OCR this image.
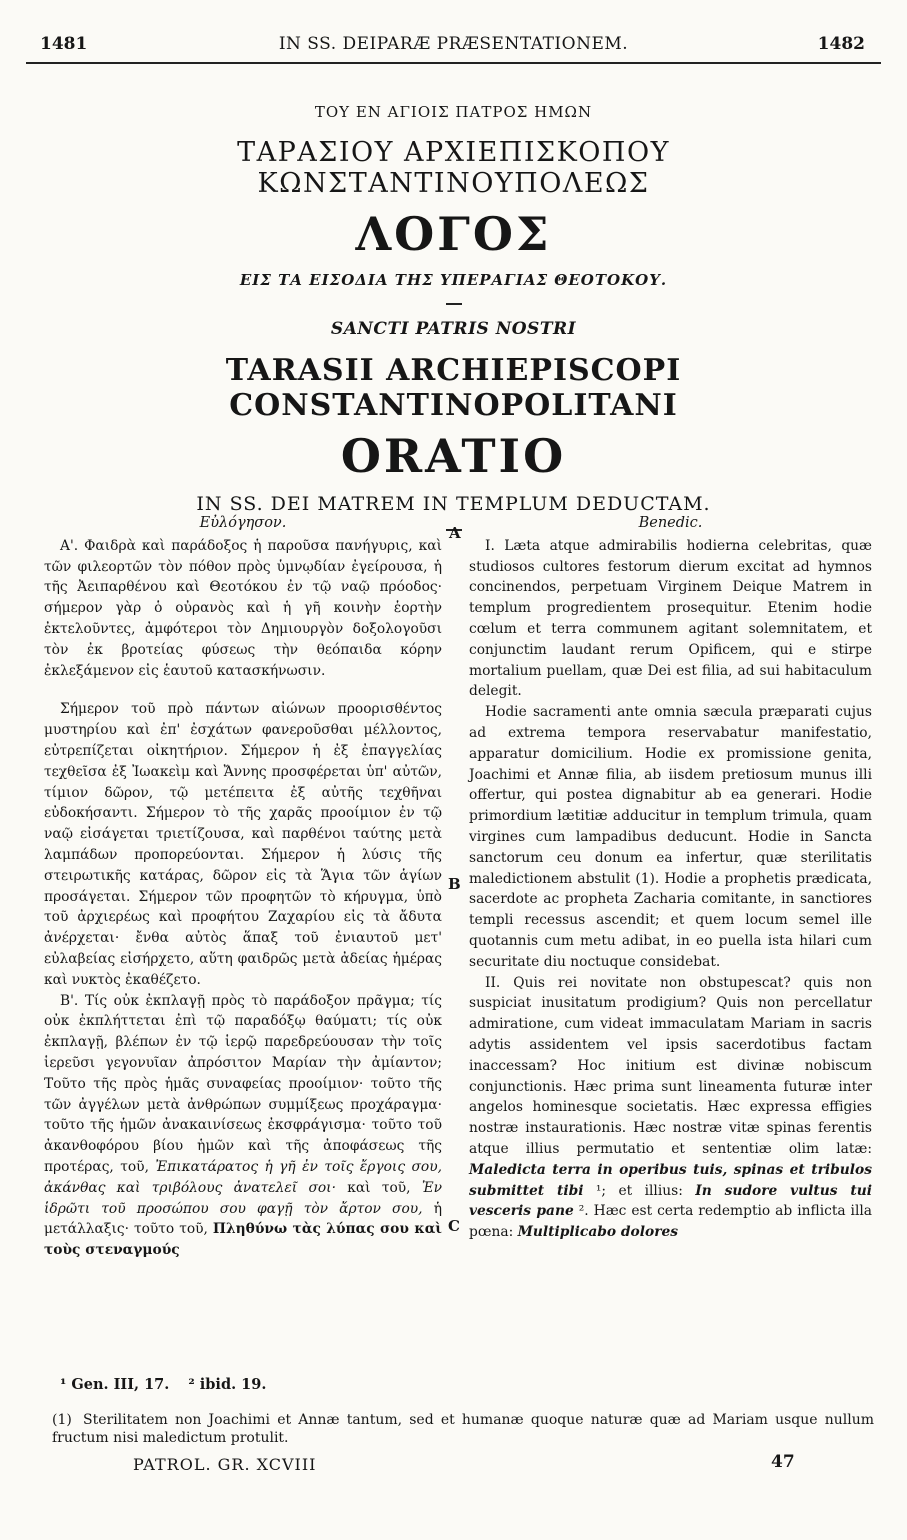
1481	IN SS. DEIPARÆ PRÆSENTATIONEM.	1482
ΤΟΥ ΕΝ ΑΓΙΟΙΣ ΠΑΤΡΟΣ ΗΜΩΝ
ΤΑΡΑΣΙΟΥ ΑΡΧΙΕΠΙΣΚΟΠΟΥ ΚΩΝΣΤΑΝΤΙΝΟΥΠΟΛΕΩΣ
ΛΟΓΟΣ
ΕΙΣ ΤΑ ΕΙΣΟΔΙΑ ΤΗΣ ΥΠΕΡΑΓΙΑΣ ΘΕΟΤΟΚΟΥ.
SANCTI PATRIS NOSTRI
TARASII ARCHIEPISCOPI CONSTANTINOPOLITANI
ORATIO
IN SS. DEI MATREM IN TEMPLUM DEDUCTAM.
A
B
C

Εὐλόγησον.

Α'. Φαιδρὰ καὶ παράδοξος ἡ παροῦσα πανήγυρις, καὶ τῶν φιλεορτῶν τὸν πόθον πρὸς ὑμνῳδίαν ἐγείρουσα, ἡ τῆς Ἀειπαρθένου καὶ Θεοτόκου ἐν τῷ ναῷ πρόοδος· σήμερον γὰρ ὁ οὐρανὸς καὶ ἡ γῆ κοινὴν ἑορτὴν ἐκτελοῦντες, ἀμφότεροι τὸν Δημιουργὸν δοξολογοῦσι τὸν ἐκ βροτείας φύσεως τὴν θεόπαιδα κόρην ἐκλεξάμενον εἰς ἑαυτοῦ κατασκήνωσιν.

Σήμερον τοῦ πρὸ πάντων αἰώνων προορισθέντος μυστηρίου καὶ ἐπ' ἐσχάτων φανεροῦσθαι μέλλοντος, εὐτρεπίζεται οἰκητήριον. Σήμερον ἡ ἐξ ἐπαγγελίας τεχθεῖσα ἐξ Ἰωακεὶμ καὶ Ἄννης προσφέρεται ὑπ' αὐτῶν, τίμιον δῶρον, τῷ μετέπειτα ἐξ αὐτῆς τεχθῆναι εὐδοκήσαντι. Σήμερον τὸ τῆς χαρᾶς προοίμιον ἐν τῷ ναῷ εἰσάγεται τριετίζουσα, καὶ παρθένοι ταύτης μετὰ λαμπάδων προπορεύονται. Σήμερον ἡ λύσις τῆς στειρωτικῆς κατάρας, δῶρον εἰς τὰ Ἅγια τῶν ἁγίων προσάγεται. Σήμερον τῶν προφητῶν τὸ κήρυγμα, ὑπὸ τοῦ ἀρχιερέως καὶ προφήτου Ζαχαρίου εἰς τὰ ἄδυτα ἀνέρχεται· ἔνθα αὐτὸς ἅπαξ τοῦ ἐνιαυτοῦ μετ' εὐλαβείας εἰσήρχετο, αὕτη φαιδρῶς μετὰ ἀδείας ἡμέρας καὶ νυκτὸς ἐκαθέζετο.

Β'. Τίς οὐκ ἐκπλαγῇ πρὸς τὸ παράδοξον πρᾶγμα; τίς οὐκ ἐκπλήττεται ἐπὶ τῷ παραδόξῳ θαύματι; τίς οὐκ ἐκπλαγῇ, βλέπων ἐν τῷ ἱερῷ παρεδρεύουσαν τὴν τοῖς ἱερεῦσι γεγονυῖαν ἀπρόσιτον Μαρίαν τὴν ἀμίαντον; Τοῦτο τῆς πρὸς ἡμᾶς συναφείας προοίμιον· τοῦτο τῆς τῶν ἀγγέλων μετὰ ἀνθρώπων συμμίξεως προχάραγμα· τοῦτο τῆς ἡμῶν ἀνακαινίσεως ἐκσφράγισμα· τοῦτο τοῦ ἀκανθοφόρου βίου ἡμῶν καὶ τῆς ἀποφάσεως τῆς προτέρας, τοῦ, Ἐπικατάρατος ἡ γῆ ἐν τοῖς ἔργοις σου, ἀκάνθας καὶ τριβόλους ἀνατελεῖ σοι· καὶ τοῦ, Ἐν ἱδρῶτι τοῦ προσώπου σου φαγῇ τὸν ἄρτον σου, ἡ μετάλλαξις· τοῦτο τοῦ, Πληθύνω τὰς λύπας σου καὶ τοὺς στεναγμούς

Benedic.

I. Læta atque admirabilis hodierna celebritas, quæ studiosos cultores festorum dierum excitat ad hymnos concinendos, perpetuam Virginem Deique Matrem in templum progredientem prosequitur. Etenim hodie cœlum et terra communem agitant solemnitatem, et conjunctim laudant rerum Opificem, qui e stirpe mortalium puellam, quæ Dei est filia, ad sui habitaculum delegit.

Hodie sacramenti ante omnia sæcula præparati cujus ad extrema tempora reservabatur manifestatio, apparatur domicilium. Hodie ex promissione genita, Joachimi et Annæ filia, ab iisdem pretiosum munus illi offertur, qui postea dignabitur ab ea generari. Hodie primordium lætitiæ adducitur in templum trimula, quam virgines cum lampadibus deducunt. Hodie in Sancta sanctorum ceu donum ea infertur, quæ sterilitatis maledictionem abstulit (1). Hodie a prophetis prædicata, sacerdote ac propheta Zacharia comitante, in sanctiores templi recessus ascendit; et quem locum semel ille quotannis cum metu adibat, in eo puella ista hilari cum securitate diu noctuque considebat.

II. Quis rei novitate non obstupescat? quis non suspiciat inusitatum prodigium? Quis non percellatur admiratione, cum videat immaculatam Mariam in sacris adytis assidentem vel ipsis sacerdotibus factam inaccessam? Hoc initium est divinæ nobiscum conjunctionis. Hæc prima sunt lineamenta futuræ inter angelos hominesque societatis. Hæc expressa effigies nostræ instaurationis. Hæc nostræ vitæ spinas ferentis atque illius permutatio et sententiæ olim latæ: Maledicta terra in operibus tuis, spinas et tribulos submittet tibi ¹; et illius: In sudore vultus tui vesceris pane ². Hæc est certa redemptio ab inflicta illa pœna: Multiplicabo dolores

¹ Gen. III, 17. ² ibid. 19.
(1) Sterilitatem non Joachimi et Annæ tantum, sed et humanæ quoque naturæ quæ ad Mariam usque nullum fructum nisi maledictum protulit.
PATROL. GR. XCVIII	47
